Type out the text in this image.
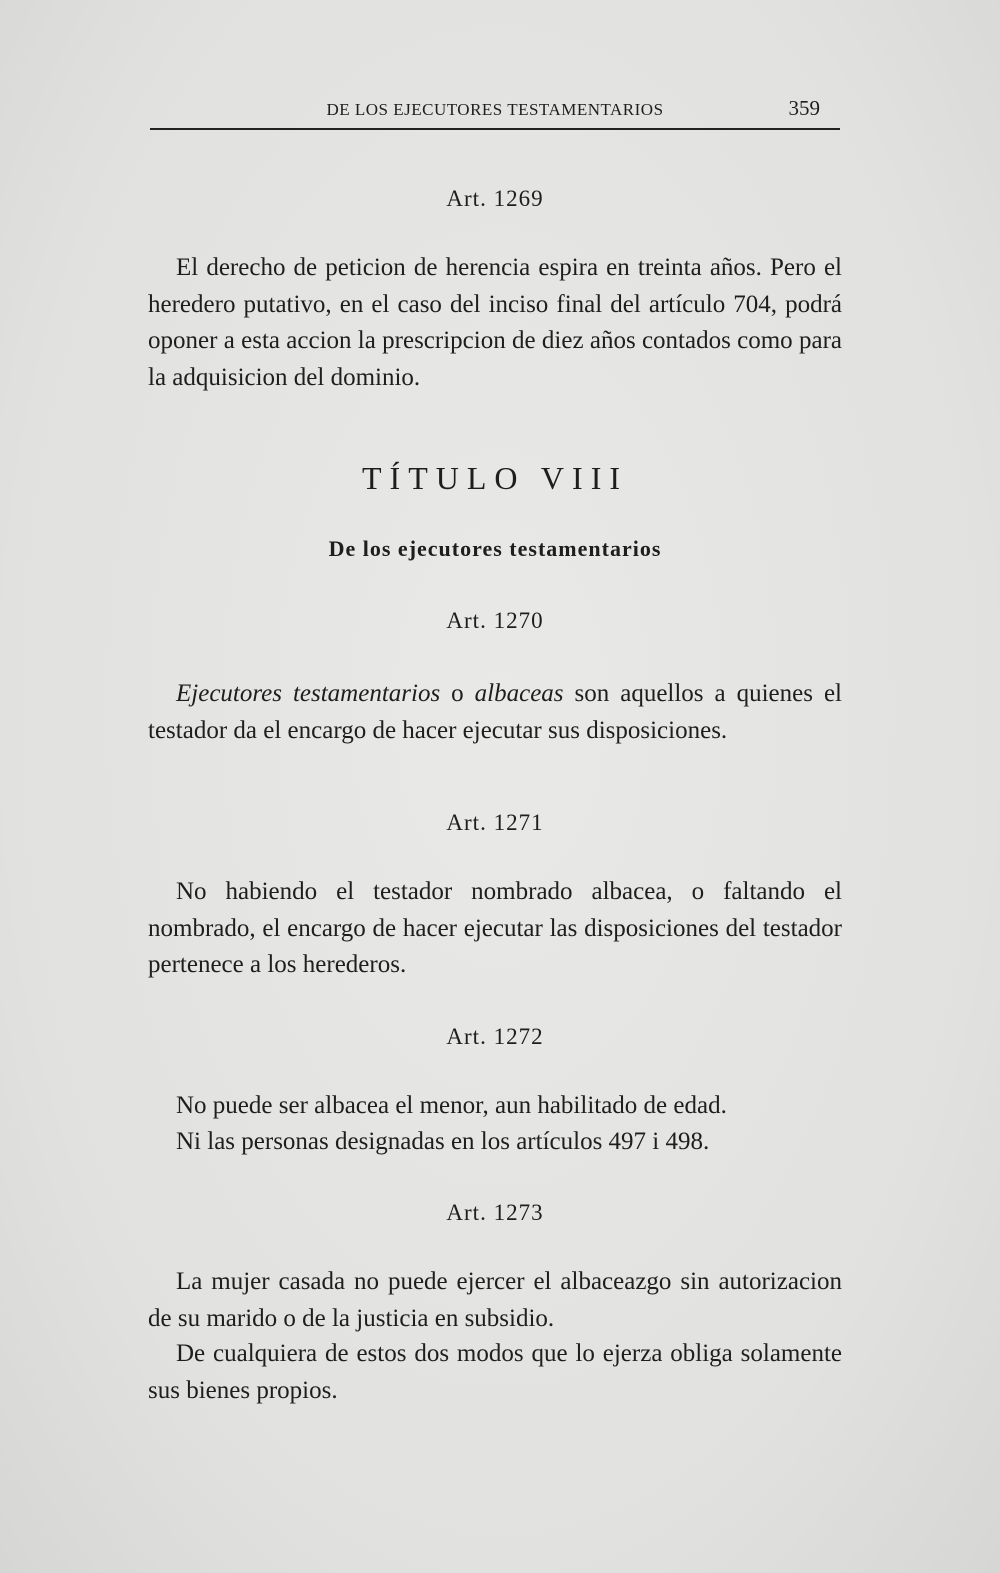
DE LOS EJECUTORES TESTAMENTARIOS	359
Art. 1269

El derecho de peticion de herencia espira en treinta años. Pero el heredero putativo, en el caso del inciso final del artículo 704, podrá oponer a esta accion la prescripcion de diez años contados como para la adquisicion del dominio.

TÍTULO VIII
De los ejecutores testamentarios
Art. 1270

Ejecutores testamentarios o albaceas son aquellos a quienes el testador da el encargo de hacer ejecutar sus disposiciones.

Art. 1271

No habiendo el testador nombrado albacea, o faltando el nombrado, el encargo de hacer ejecutar las disposiciones del testador pertenece a los herederos.

Art. 1272

No puede ser albacea el menor, aun habilitado de edad.

Ni las personas designadas en los artículos 497 i 498.

Art. 1273

La mujer casada no puede ejercer el albaceazgo sin autorizacion de su marido o de la justicia en subsidio.

De cualquiera de estos dos modos que lo ejerza obliga solamente sus bienes propios.
